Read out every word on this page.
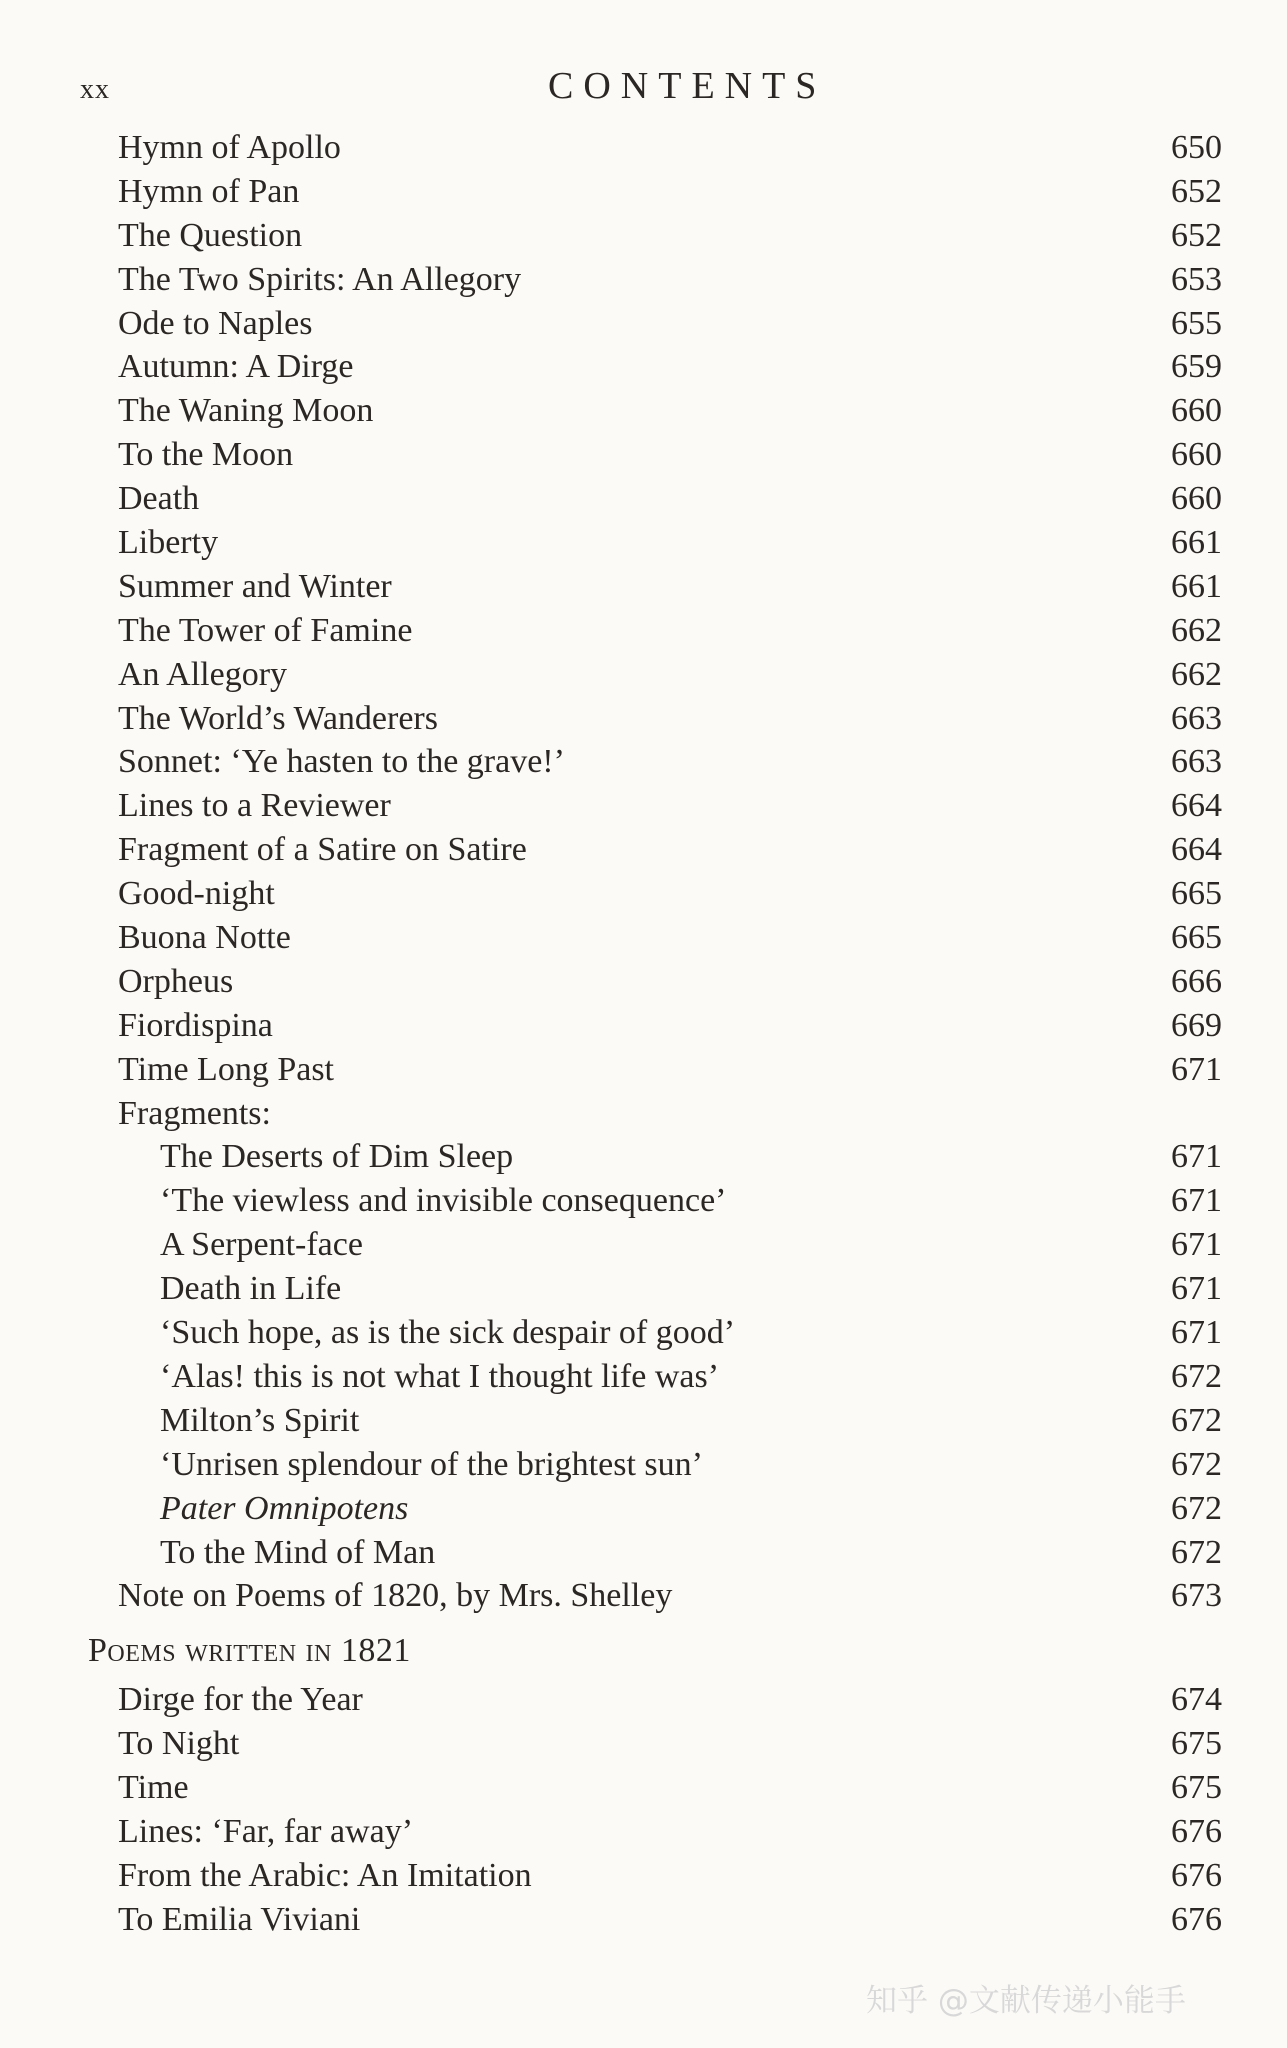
xx	CONTENTS
Hymn of Apollo	650
Hymn of Pan	652
The Question	652
The Two Spirits: An Allegory	653
Ode to Naples	655
Autumn: A Dirge	659
The Waning Moon	660
To the Moon	660
Death	660
Liberty	661
Summer and Winter	661
The Tower of Famine	662
An Allegory	662
The World’s Wanderers	663
Sonnet: ‘Ye hasten to the grave!’	663
Lines to a Reviewer	664
Fragment of a Satire on Satire	664
Good-night	665
Buona Notte	665
Orpheus	666
Fiordispina	669
Time Long Past	671
Fragments:
The Deserts of Dim Sleep	671
‘The viewless and invisible consequence’	671
A Serpent-face	671
Death in Life	671
‘Such hope, as is the sick despair of good’	671
‘Alas! this is not what I thought life was’	672
Milton’s Spirit	672
‘Unrisen splendour of the brightest sun’	672
Pater Omnipotens	672
To the Mind of Man	672
Note on Poems of 1820, by Mrs. Shelley	673
Poems written in 1821
Dirge for the Year	674
To Night	675
Time	675
Lines: ‘Far, far away’	676
From the Arabic: An Imitation	676
To Emilia Viviani	676
知乎 @文献传递小能手
